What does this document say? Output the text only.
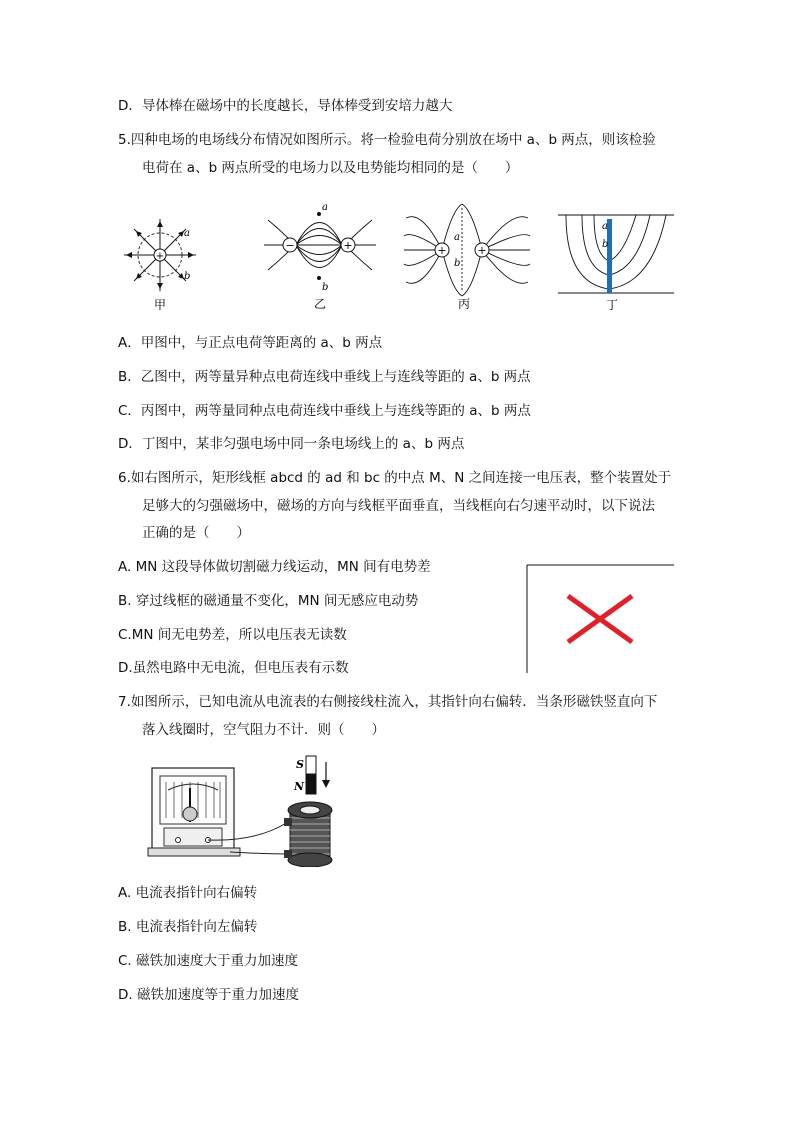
D．导体棒在磁场中的长度越长，导体棒受到安培力越大
5.四种电场的电场线分布情况如图所示。将一检验电荷分别放在场中 a、b 两点，则该检验
电荷在 a、b 两点所受的电场力以及电势能均相同的是（　　）
+
a
b
甲
−	+
a
b
乙
+	+
a
b
丙
a
b
丁
A．甲图中，与正点电荷等距离的 a、b 两点
B．乙图中，两等量异种点电荷连线中垂线上与连线等距的 a、b 两点
C．丙图中，两等量同种点电荷连线中垂线上与连线等距的 a、b 两点
D．丁图中，某非匀强电场中同一条电场线上的 a、b 两点
6.如右图所示，矩形线框 abcd 的 ad 和 bc 的中点 M、N 之间连接一电压表，整个装置处于
足够大的匀强磁场中，磁场的方向与线框平面垂直，当线框向右匀速平动时，以下说法
正确的是（　　）
A. MN 这段导体做切割磁力线运动，MN 间有电势差
B. 穿过线框的磁通量不变化，MN 间无感应电动势
C.MN 间无电势差，所以电压表无读数
D.虽然电路中无电流，但电压表有示数
7.如图所示，已知电流从电流表的右侧接线柱流入，其指针向右偏转．当条形磁铁竖直向下
落入线圈时，空气阻力不计．则（　　）
S
N
A. 电流表指针向右偏转
B. 电流表指针向左偏转
C. 磁铁加速度大于重力加速度
D. 磁铁加速度等于重力加速度
